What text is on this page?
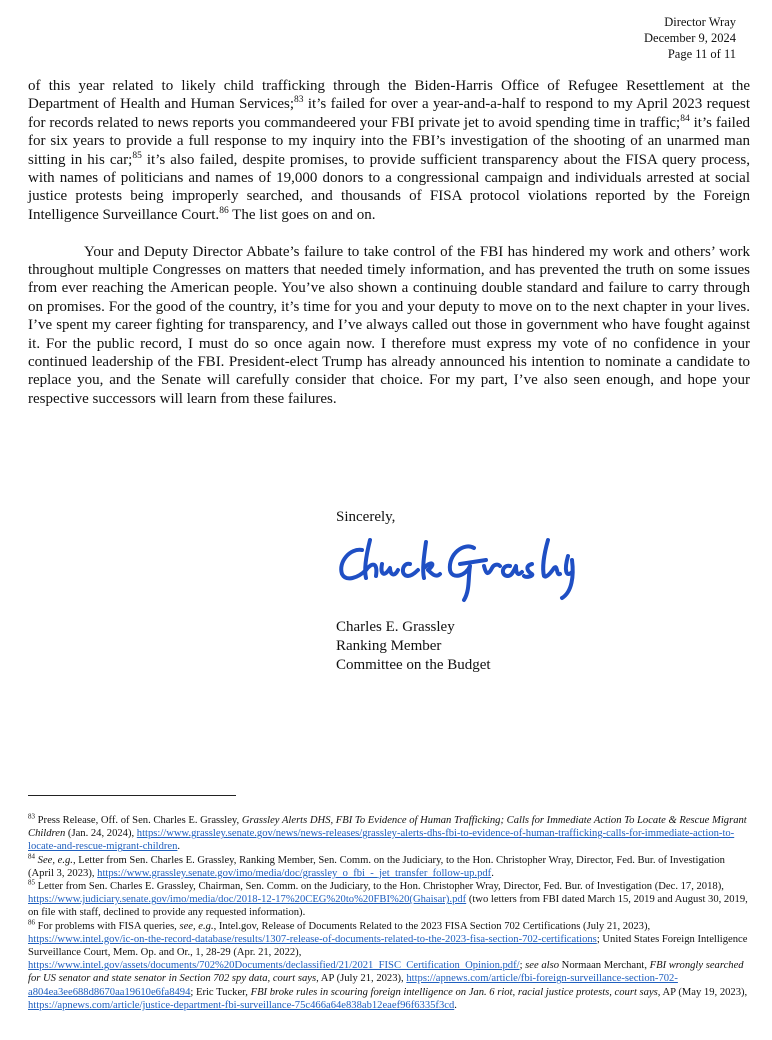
Director Wray
December 9, 2024
Page 11 of 11

of this year related to likely child trafficking through the Biden-Harris Office of Refugee Resettlement at the Department of Health and Human Services;$^{83}$ it’s failed for over a year-and-a-half to respond to my April 2023 request for records related to news reports you commandeered your FBI private jet to avoid spending time in traffic;$^{84}$ it’s failed for six years to provide a full response to my inquiry into the FBI’s investigation of the shooting of an unarmed man sitting in his car;$^{85}$ it’s also failed, despite promises, to provide sufficient transparency about the FISA query process, with names of politicians and names of 19,000 donors to a congressional campaign and individuals arrested at social justice protests being improperly searched, and thousands of FISA protocol violations reported by the Foreign Intelligence Surveillance Court.$^{86}$ The list goes on and on.

Your and Deputy Director Abbate’s failure to take control of the FBI has hindered my work and others’ work throughout multiple Congresses on matters that needed timely information, and has prevented the truth on some issues from ever reaching the American people. You’ve also shown a continuing double standard and failure to carry through on promises. For the good of the country, it’s time for you and your deputy to move on to the next chapter in your lives. I’ve spent my career fighting for transparency, and I’ve always called out those in government who have fought against it. For the public record, I must do so once again now. I therefore must express my vote of no confidence in your continued leadership of the FBI. President-elect Trump has already announced his intention to nominate a candidate to replace you, and the Senate will carefully consider that choice. For my part, I’ve also seen enough, and hope your respective successors will learn from these failures.

Sincerely,
Charles E. Grassley
Ranking Member
Committee on the Budget

$^{83}$ Press Release, Off. of Sen. Charles E. Grassley, Grassley Alerts DHS, FBI To Evidence of Human Trafficking; Calls for Immediate Action To Locate & Rescue Migrant Children (Jan. 24, 2024), https://www.grassley.senate.gov/news/news-releases/grassley-alerts-dhs-fbi-to-evidence-of-human-trafficking-calls-for-immediate-action-to-locate-and-rescue-migrant-children.

$^{84}$ See, e.g., Letter from Sen. Charles E. Grassley, Ranking Member, Sen. Comm. on the Judiciary, to the Hon. Christopher Wray, Director, Fed. Bur. of Investigation (April 3, 2023), https://www.grassley.senate.gov/imo/media/doc/grassley_o_fbi_-_jet_transfer_follow-up.pdf.

$^{85}$ Letter from Sen. Charles E. Grassley, Chairman, Sen. Comm. on the Judiciary, to the Hon. Christopher Wray, Director, Fed. Bur. of Investigation (Dec. 17, 2018), https://www.judiciary.senate.gov/imo/media/doc/2018-12-17%20CEG%20to%20FBI%20(Ghaisar).pdf (two letters from FBI dated March 15, 2019 and August 30, 2019, on file with staff, declined to provide any requested information).

$^{86}$ For problems with FISA queries, see, e.g., Intel.gov, Release of Documents Related to the 2023 FISA Section 702 Certifications (July 21, 2023), https://www.intel.gov/ic-on-the-record-database/results/1307-release-of-documents-related-to-the-2023-fisa-section-702-certifications; United States Foreign Intelligence Surveillance Court, Mem. Op. and Or., 1, 28-29 (Apr. 21, 2022), https://www.intel.gov/assets/documents/702%20Documents/declassified/21/2021_FISC_Certification_Opinion.pdf/; see also Normaan Merchant, FBI wrongly searched for US senator and state senator in Section 702 spy data, court says, AP (July 21, 2023), https://apnews.com/article/fbi-foreign-surveillance-section-702-a804ea3ee688d8670aa19610e6fa8494; Eric Tucker, FBI broke rules in scouring foreign intelligence on Jan. 6 riot, racial justice protests, court says, AP (May 19, 2023), https://apnews.com/article/justice-department-fbi-surveillance-75c466a64e838ab12eaef96f6335f3cd.
